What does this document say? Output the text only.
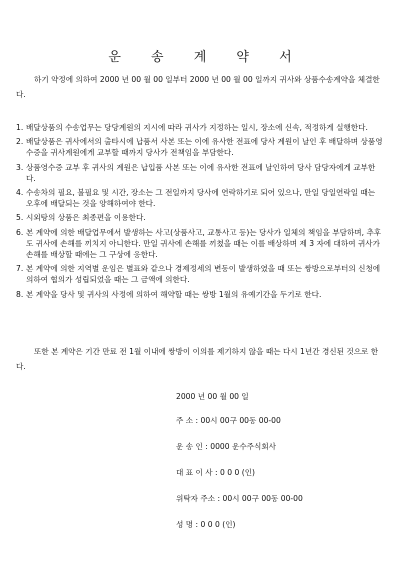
운 송 계 약 서
하기 약정에 의하여 2000 년 00 월 00 일부터 2000 년 00 월 00 일까지 귀사와 상품수송계약을 체결한다.
1. 배달상품의 수송업무는 당당계원의 지시에 따라 귀사가 지정하는 일시, 장소에 신속, 적정하게 실행한다.
2. 배달상품은 귀사에서의 출타시에 납품서 사본 또는 이에 유사한 전표에 당사 계원이 날인 후 배달하며 상품영수증을 귀사계원에게 교부할 때까지 당사가 전책임을 부담한다.
3. 상품영수증 교부 후 귀사의 계원은 납입품 사본 또는 이에 유사한 전표에 날인하여 당사 담당자에게 교부한다.
4. 수송차의 필요, 불필요 및 시간, 장소는 그 전일까지 당사에 연락하기로 되어 있으나, 만일 당일연락일 때는 오후에 배달되는 것을 양해하여야 한다.
5. 시외탕의 상품은 최종편을 이용한다.
6. 본 계약에 의한 배달업무에서 발생하는 사고(상품사고, 교통사고 등)는 당사가 일체의 책임을 부담하며, 추후도 귀사에 손해를 끼치지 아니한다. 만일 귀사에 손해를 끼쳤을 때는 이를 배상하며 제 3 자에 대하여 귀사가 손해를 배상할 때에는 그 구상에 응한다.
7. 본 계약에 의한 지역별 운임은 별표와 같으나 경제정세의 변동이 발생하였을 때 또는 쌍방으로부터의 신청에 의하여 협의가 성립되었을 때는 그 금액에 의한다.
8. 본 계약을 당사 및 귀사의 사정에 의하여 해약할 때는 쌍방 1월의 유예기간을 두기로 한다.
또한 본 계약은 기간 만료 전 1월 이내에 쌍방이 이의를 제기하지 않을 때는 다시 1년간 경신된 것으로 한다.
2000 년 00 월 00 일
주 소 : 00시 00구 00동 00-00
운 송 인 : 0000 운수주식회사
대 표 이 사 : 0 0 0 (인)
위탁자 주소 : 00시 00구 00동 00-00
성 명 : 0 0 0 (인)
